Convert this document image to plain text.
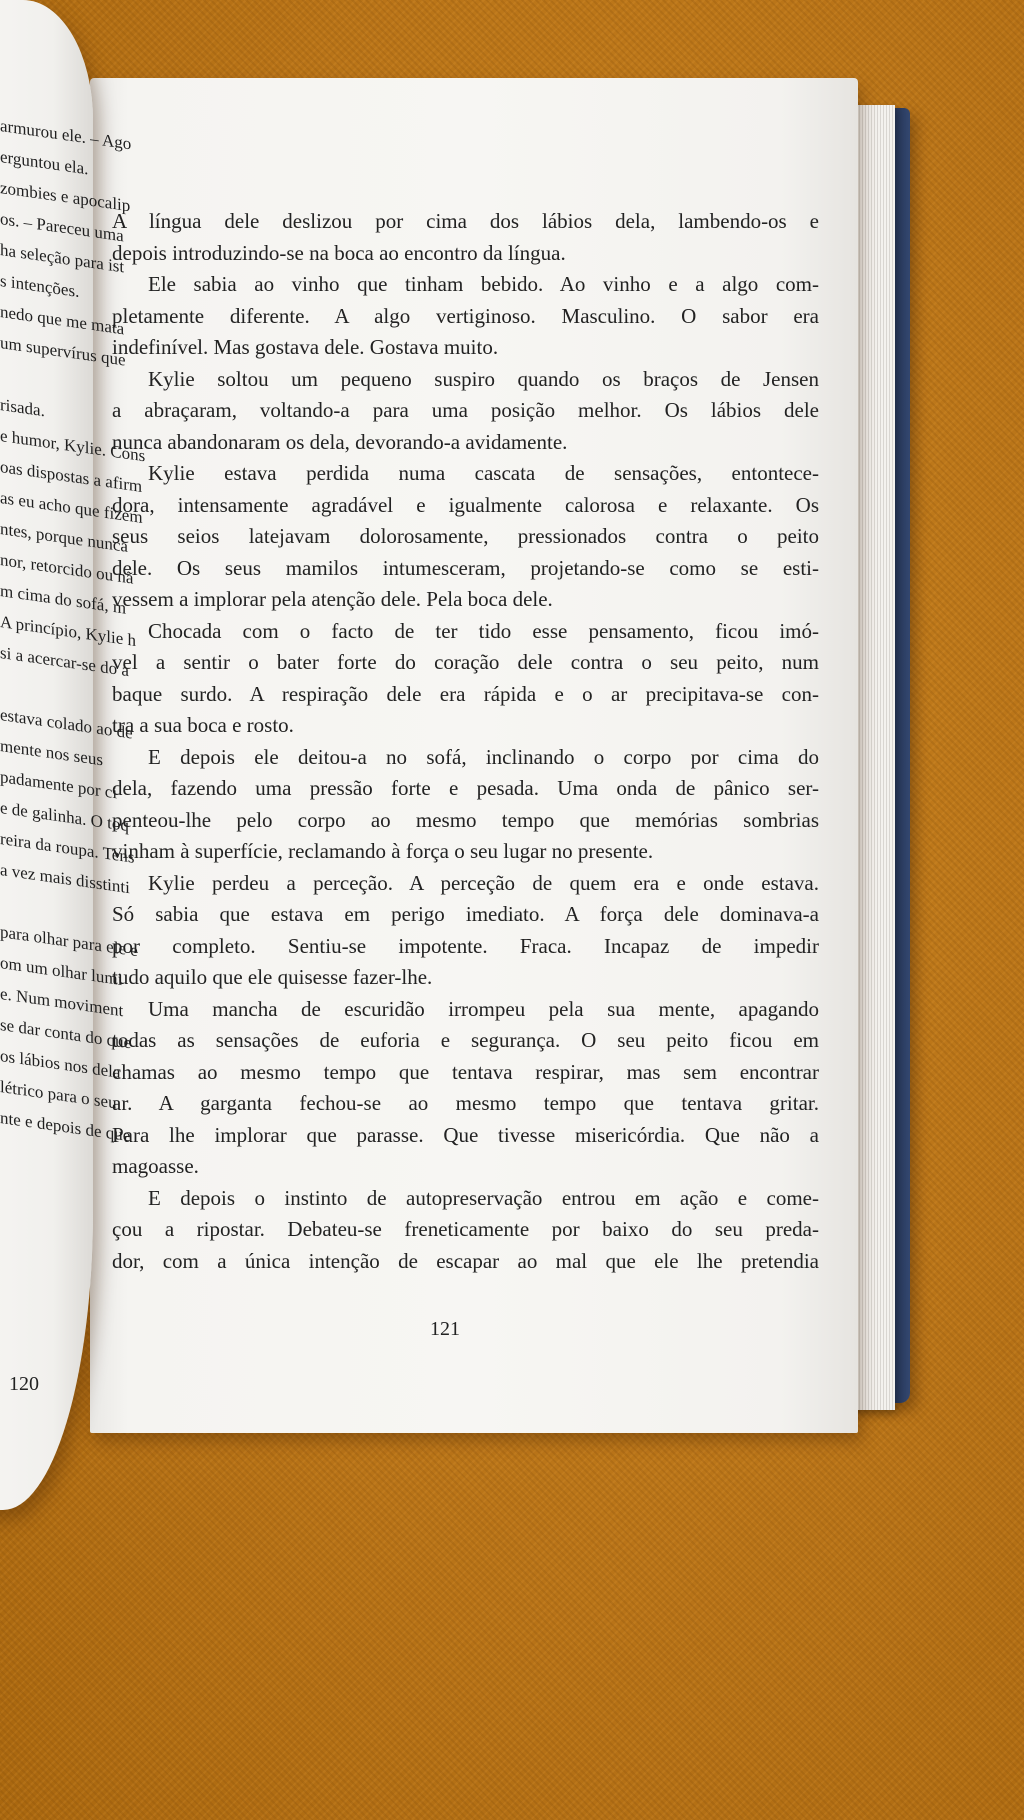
A língua dele deslizou por cima dos lábios dela, lambendo-os e
depois introduzindo-se na boca ao encontro da língua.
Ele sabia ao vinho que tinham bebido. Ao vinho e a algo com-
pletamente diferente. A algo vertiginoso. Masculino. O sabor era
indefinível. Mas gostava dele. Gostava muito.
Kylie soltou um pequeno suspiro quando os braços de Jensen
a abraçaram, voltando-a para uma posição melhor. Os lábios dele
nunca abandonaram os dela, devorando-a avidamente.
Kylie estava perdida numa cascata de sensações, entontece-
dora, intensamente agradável e igualmente calorosa e relaxante. Os
seus seios latejavam dolorosamente, pressionados contra o peito
dele. Os seus mamilos intumesceram, projetando-se como se esti-
vessem a implorar pela atenção dele. Pela boca dele.
Chocada com o facto de ter tido esse pensamento, ficou imó-
vel a sentir o bater forte do coração dele contra o seu peito, num
baque surdo. A respiração dele era rápida e o ar precipitava-se con-
tra a sua boca e rosto.
E depois ele deitou-a no sofá, inclinando o corpo por cima do
dela, fazendo uma pressão forte e pesada. Uma onda de pânico ser-
penteou-lhe pelo corpo ao mesmo tempo que memórias sombrias
vinham à superfície, reclamando à força o seu lugar no presente.
Kylie perdeu a perceção. A perceção de quem era e onde estava.
Só sabia que estava em perigo imediato. A força dele dominava-a
por completo. Sentiu-se impotente. Fraca. Incapaz de impedir
tudo aquilo que ele quisesse fazer-lhe.
Uma mancha de escuridão irrompeu pela sua mente, apagando
todas as sensações de euforia e segurança. O seu peito ficou em
chamas ao mesmo tempo que tentava respirar, mas sem encontrar
ar. A garganta fechou-se ao mesmo tempo que tentava gritar.
Para lhe implorar que parasse. Que tivesse misericórdia. Que não a
magoasse.
E depois o instinto de autopreservação entrou em ação e come-
çou a ripostar. Debateu-se freneticamente por baixo do seu preda-
dor, com a única intenção de escapar ao mal que ele lhe pretendia
121
armurou ele. – Ago
erguntou ela.
zombies e apocalip
os. – Pareceu uma
ha seleção para ist
s intenções.
nedo que me mata
um supervírus que
risada.
e humor, Kylie. Cons
oas dispostas a afirm
as eu acho que fizem
ntes, porque nunca
nor, retorcido ou nã
m cima do sofá, m
A princípio, Kylie h
si a acercar-se do a
estava colado ao de
mente nos seus
padamente por ci
e de galinha. O toq
reira da roupa. Tens
a vez mais disstinti
para olhar para ele e
om um olhar lumi
e. Num moviment
se dar conta do que
os lábios nos dela
létrico para o seu
nte e depois de que
120
